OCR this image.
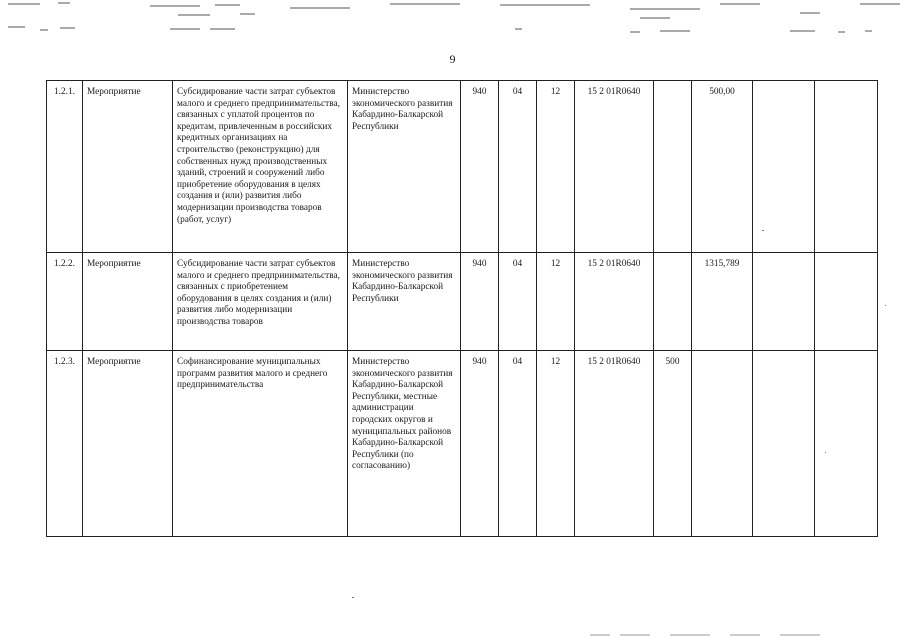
9
1.2.1.	Мероприятие	Субсидирование части затрат субъектов малого и среднего предпринимательства, связанных с уплатой процентов по кредитам, привлеченным в российских кредитных организациях на строительство (реконструкцию) для собственных нужд производственных зданий, строений и сооружений либо приобретение оборудования в целях создания и (или) развития либо модернизации производства товаров (работ, услуг)	Министерство экономического развития Кабардино-Балкарской Республики	940	04	12	15 2 01R0640		500,00		
1.2.2.	Мероприятие	Субсидирование части затрат субъектов малого и среднего предпринимательства, связанных с приобретением оборудования в целях создания и (или) развития либо модернизации производства товаров	Министерство экономического развития Кабардино-Балкарской Республики	940	04	12	15 2 01R0640		1315,789		
1.2.3.	Мероприятие	Софинансирование муниципальных программ развития малого и среднего предпринимательства	Министерство экономического развития Кабардино-Балкарской Республики, местные администрации городских округов и муниципальных районов Кабардино-Балкарской Республики (по согласованию)	940	04	12	15 2 01R0640	500			
